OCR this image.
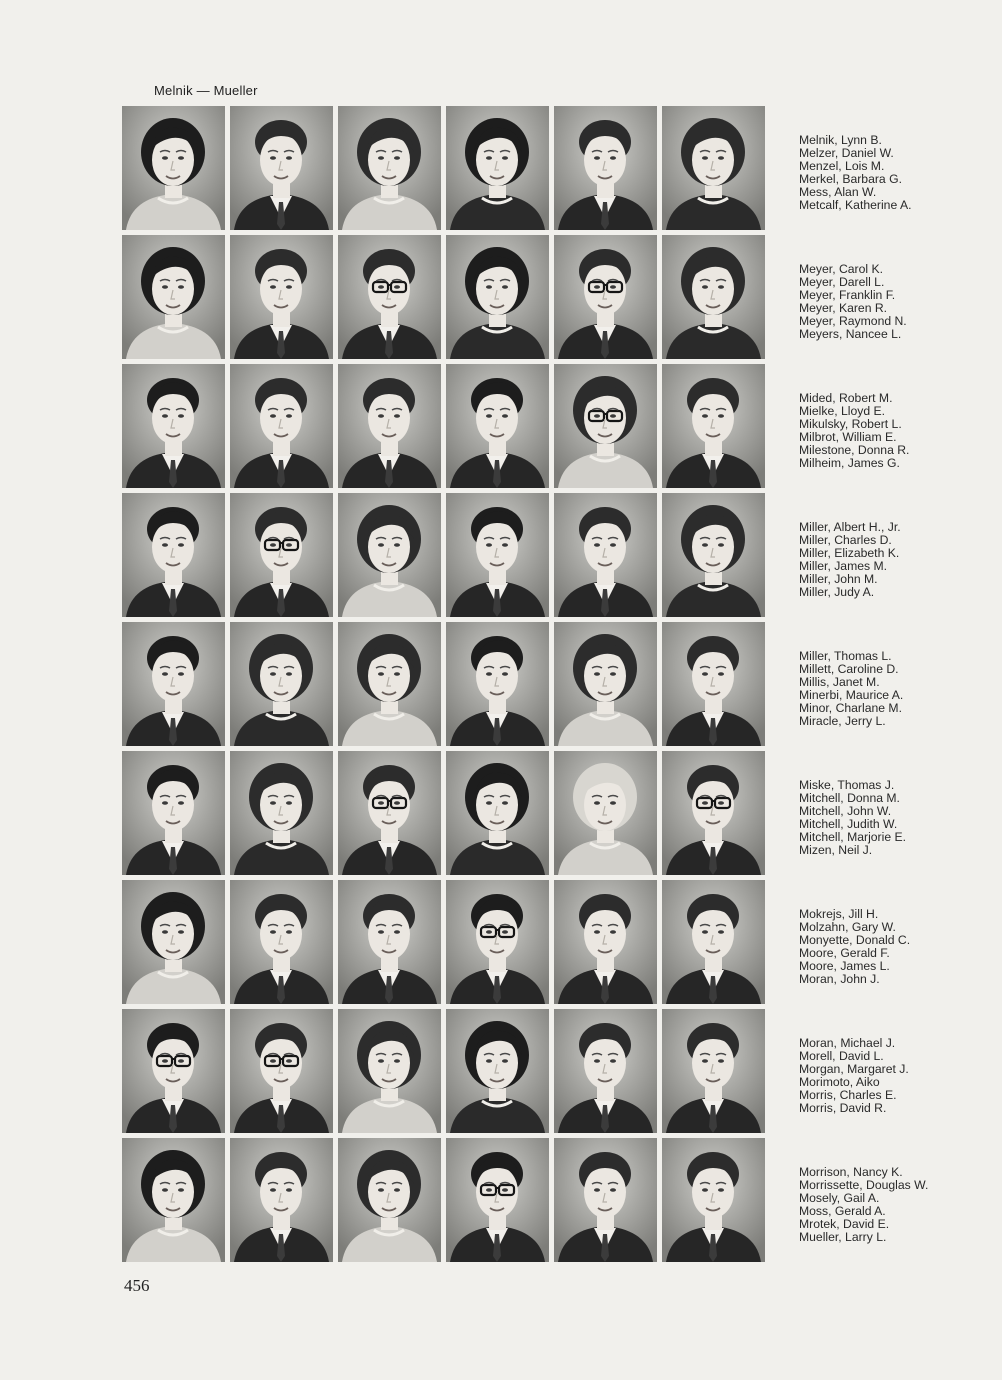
Melnik — Mueller
Melnik, Lynn B.
Melzer, Daniel W.
Menzel, Lois M.
Merkel, Barbara G.
Mess, Alan W.
Metcalf, Katherine A.
Meyer, Carol K.
Meyer, Darell L.
Meyer, Franklin F.
Meyer, Karen R.
Meyer, Raymond N.
Meyers, Nancee L.
Mided, Robert M.
Mielke, Lloyd E.
Mikulsky, Robert L.
Milbrot, William E.
Milestone, Donna R.
Milheim, James G.
Miller, Albert H., Jr.
Miller, Charles D.
Miller, Elizabeth K.
Miller, James M.
Miller, John M.
Miller, Judy A.
Miller, Thomas L.
Millett, Caroline D.
Millis, Janet M.
Minerbi, Maurice A.
Minor, Charlane M.
Miracle, Jerry L.
Miske, Thomas J.
Mitchell, Donna M.
Mitchell, John W.
Mitchell, Judith W.
Mitchell, Marjorie E.
Mizen, Neil J.
Mokrejs, Jill H.
Molzahn, Gary W.
Monyette, Donald C.
Moore, Gerald F.
Moore, James L.
Moran, John J.
Moran, Michael J.
Morell, David L.
Morgan, Margaret J.
Morimoto, Aiko
Morris, Charles E.
Morris, David R.
Morrison, Nancy K.
Morrissette, Douglas W.
Mosely, Gail A.
Moss, Gerald A.
Mrotek, David E.
Mueller, Larry L.
456
